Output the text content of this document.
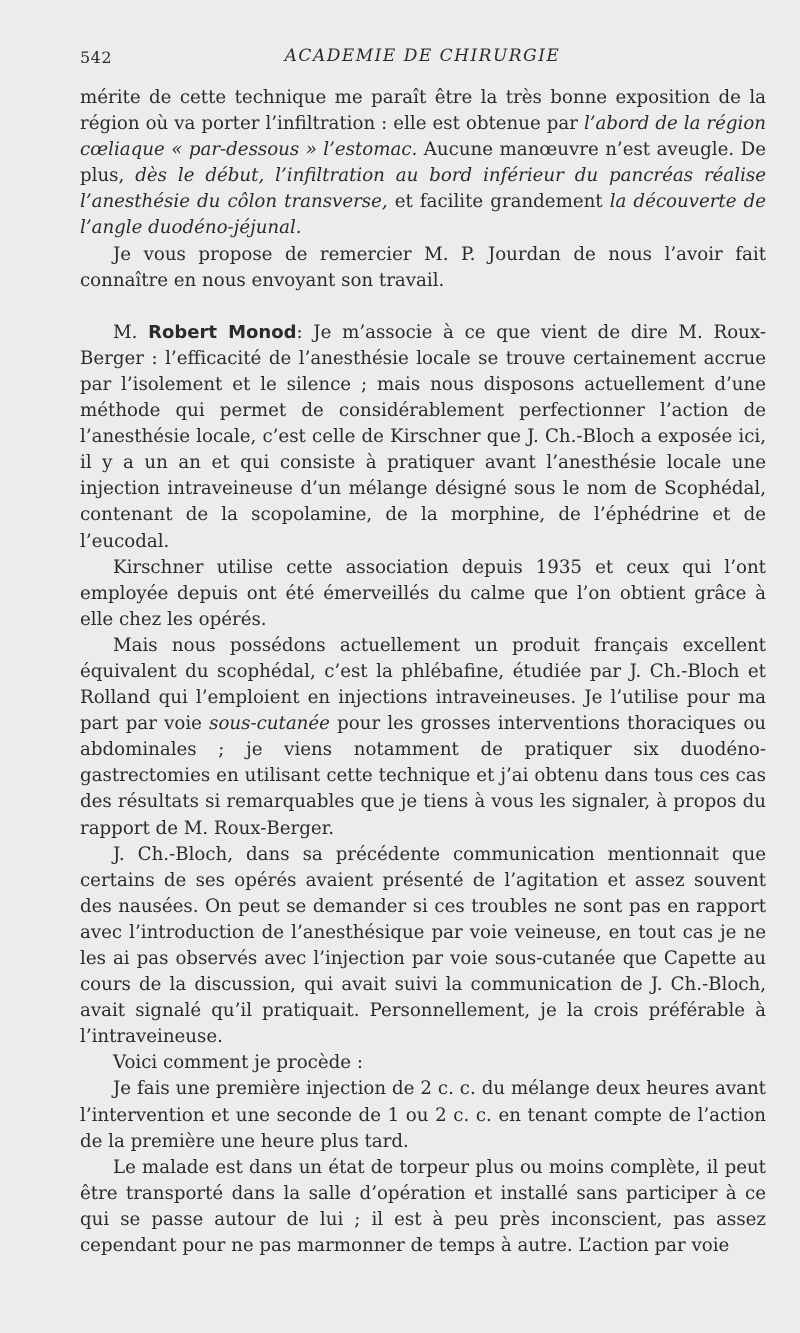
542	ACADEMIE DE CHIRURGIE

mérite de cette technique me paraît être la très bonne exposition de la région où va porter l’infiltration : elle est obtenue par l’abord de la région cœliaque « par-dessous » l’estomac. Aucune manœuvre n’est aveugle. De plus, dès le début, l’infiltration au bord inférieur du pancréas réalise l’anesthésie du côlon transverse, et facilite grandement la découverte de l’angle duodéno-jéjunal.

Je vous propose de remercier M. P. Jourdan de nous l’avoir fait connaître en nous envoyant son travail.

M. Robert Monod: Je m’associe à ce que vient de dire M. Roux-Berger : l’efficacité de l’anesthésie locale se trouve certainement accrue par l’isolement et le silence ; mais nous disposons actuellement d’une méthode qui permet de considérablement perfectionner l’action de l’anesthésie locale, c’est celle de Kirschner que J. Ch.-Bloch a exposée ici, il y a un an et qui consiste à pratiquer avant l’anesthésie locale une injection intraveineuse d’un mélange désigné sous le nom de Scophédal, contenant de la scopolamine, de la morphine, de l’éphédrine et de l’eucodal.

Kirschner utilise cette association depuis 1935 et ceux qui l’ont employée depuis ont été émerveillés du calme que l’on obtient grâce à elle chez les opérés.

Mais nous possédons actuellement un produit français excellent équivalent du scophédal, c’est la phlébafine, étudiée par J. Ch.-Bloch et Rolland qui l’emploient en injections intraveineuses. Je l’utilise pour ma part par voie sous-cutanée pour les grosses interventions thoraciques ou abdominales ; je viens notamment de pratiquer six duodéno-gastrectomies en utilisant cette technique et j’ai obtenu dans tous ces cas des résultats si remarquables que je tiens à vous les signaler, à propos du rapport de M. Roux-Berger.

J. Ch.-Bloch, dans sa précédente communication mentionnait que certains de ses opérés avaient présenté de l’agitation et assez souvent des nausées. On peut se demander si ces troubles ne sont pas en rapport avec l’introduction de l’anesthésique par voie veineuse, en tout cas je ne les ai pas observés avec l’injection par voie sous-cutanée que Capette au cours de la discussion, qui avait suivi la communication de J. Ch.-Bloch, avait signalé qu’il pratiquait. Personnellement, je la crois préférable à l’intraveineuse.

Voici comment je procède :

Je fais une première injection de 2 c. c. du mélange deux heures avant l’intervention et une seconde de 1 ou 2 c. c. en tenant compte de l’action de la première une heure plus tard.

Le malade est dans un état de torpeur plus ou moins complète, il peut être transporté dans la salle d’opération et installé sans participer à ce qui se passe autour de lui ; il est à peu près inconscient, pas assez cependant pour ne pas marmonner de temps à autre. L’action par voie
